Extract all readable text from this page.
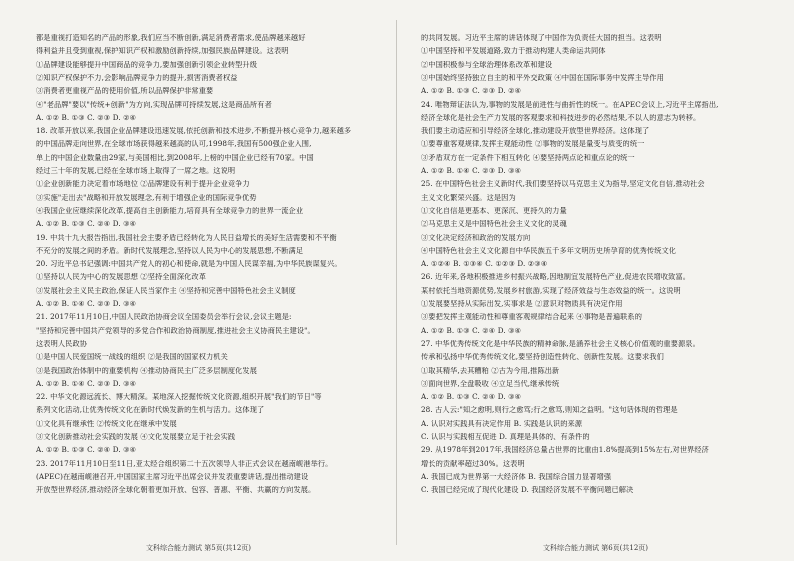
都是重视打造知名的产品的形象,我们应当不断创新,满足消费者需求,使品牌越来越好
得利益并且受到重视,保护知识产权和激励创新持续,加强民族品牌建设。这表明
①品牌建设能够提升中国商品的竞争力,要加强创新引领企业转型升级
②知识产权保护不力,会影响品牌竞争力的提升,损害消费者权益
③消费者更重视产品的使用价值,所以品牌保护非常重要
④"老品牌"要以"传统+创新"为方向,实现品牌可持续发展,这是商品所有者
A. ①② B. ①③ C. ②③ D. ②④
18. 改革开放以来,我国企业品牌建设迅速发展,依托创新和技术进步,不断提升核心竞争力,越来越多
的中国品牌走向世界,在全球市场获得越来越高的认可,1998年,我国有500强企业入围,
单上的中国企业数量由29家,与美国相比,到2008年,上榜的中国企业已经有70家。中国
经过三十年的发展,已经在全球市场上取得了一席之地。这说明
①企业创新能力决定着市场地位 ②品牌建设有利于提升企业竞争力
③实施"走出去"战略和开放发展理念,有利于增强企业的国际竞争优势
④我国企业应继续深化改革,提高自主创新能力,培育具有全球竞争力的世界一流企业
A. ①② B. ①③ C. ②④ D. ③④
19. 中共十九大报告指出,我国社会主要矛盾已经转化为人民日益增长的美好生活需要和不平衡
不充分的发展之间的矛盾。新时代发展理念,坚持以人民为中心的发展思想,不断满足
20. 习近平总书记强调:中国共产党人的初心和使命,就是为中国人民谋幸福,为中华民族谋复兴。
①坚持以人民为中心的发展思想 ②坚持全面深化改革
③发展社会主义民主政治,保证人民当家作主 ④坚持和完善中国特色社会主义制度
A. ①② B. ①④ C. ②③ D. ③④
21. 2017年11月10日,中国人民政治协商会议全国委员会举行会议,会议主题是:
"坚持和完善中国共产党领导的多党合作和政治协商制度,推进社会主义协商民主建设"。
这表明人民政协
①是中国人民爱国统一战线的组织 ②是我国的国家权力机关
③是我国政治体制中的重要机构 ④推动协商民主广泛多层制度化发展
A. ①② B. ①④ C. ②③ D. ③④
22. 中华文化源远流长、博大精深。某地深入挖掘传统文化资源,组织开展"我们的节日"等
系列文化活动,让优秀传统文化在新时代焕发新的生机与活力。这体现了
①文化具有继承性 ②传统文化在继承中发展
③文化创新推动社会实践的发展 ④文化发展要立足于社会实践
A. ①② B. ①③ C. ②④ D. ③④
23. 2017年11月10日至11日,亚太经合组织第二十五次领导人非正式会议在越南岘港举行。
(APEC)在越南岘港召开,中国国家主席习近平出席会议并发表重要讲话,提出推动建设
开放型世界经济,推动经济全球化朝着更加开放、包容、普惠、平衡、共赢的方向发展。
文科综合能力测试 第5页(共12页)
的共同发展。习近平主席的讲话体现了中国作为负责任大国的担当。这表明
①中国坚持和平发展道路,致力于推动构建人类命运共同体
②中国积极参与全球治理体系改革和建设
③中国始终坚持独立自主的和平外交政策 ④中国在国际事务中发挥主导作用
A. ①② B. ①③ C. ②③ D. ②④
24. 唯物辩证法认为,事物的发展是前进性与曲折性的统一。在APEC会议上,习近平主席指出,
经济全球化是社会生产力发展的客观要求和科技进步的必然结果,不以人的意志为转移。
我们要主动适应和引导经济全球化,推动建设开放型世界经济。这体现了
①要尊重客观规律,发挥主观能动性 ②事物的发展是量变与质变的统一
③矛盾双方在一定条件下相互转化 ④要坚持两点论和重点论的统一
A. ①② B. ①④ C. ②③ D. ③④
25. 在中国特色社会主义新时代,我们要坚持以马克思主义为指导,坚定文化自信,推动社会
主义文化繁荣兴盛。这是因为
①文化自信是更基本、更深沉、更持久的力量
②马克思主义是中国特色社会主义文化的灵魂
③文化决定经济和政治的发展方向
④中国特色社会主义文化源自中华民族五千多年文明历史所孕育的优秀传统文化
A. ①②④ B. ①③④ C. ①②③ D. ②③④
26. 近年来,各地积极推进乡村振兴战略,因地制宜发展特色产业,促进农民增收致富。
某村依托当地资源优势,发展乡村旅游,实现了经济效益与生态效益的统一。这说明
①发展要坚持从实际出发,实事求是 ②意识对物质具有决定作用
③要把发挥主观能动性和尊重客观规律结合起来 ④事物是普遍联系的
A. ①② B. ①③ C. ②④ D. ③④
27. 中华优秀传统文化是中华民族的精神命脉,是涵养社会主义核心价值观的重要源泉。
传承和弘扬中华优秀传统文化,要坚持创造性转化、创新性发展。这要求我们
①取其精华,去其糟粕 ②古为今用,推陈出新
③面向世界,全盘吸收 ④立足当代,继承传统
A. ①② B. ①③ C. ②④ D. ③④
28. 古人云:"知之愈明,则行之愈笃;行之愈笃,则知之益明。"这句话体现的哲理是
A. 认识对实践具有决定作用 B. 实践是认识的来源
C. 认识与实践相互促进 D. 真理是具体的、有条件的
29. 从1978年到2017年,我国经济总量占世界的比重由1.8%提高到15%左右,对世界经济
增长的贡献率超过30%。这表明
A. 我国已成为世界第一大经济体 B. 我国综合国力显著增强
C. 我国已经完成了现代化建设 D. 我国经济发展不平衡问题已解决
文科综合能力测试 第6页(共12页)
